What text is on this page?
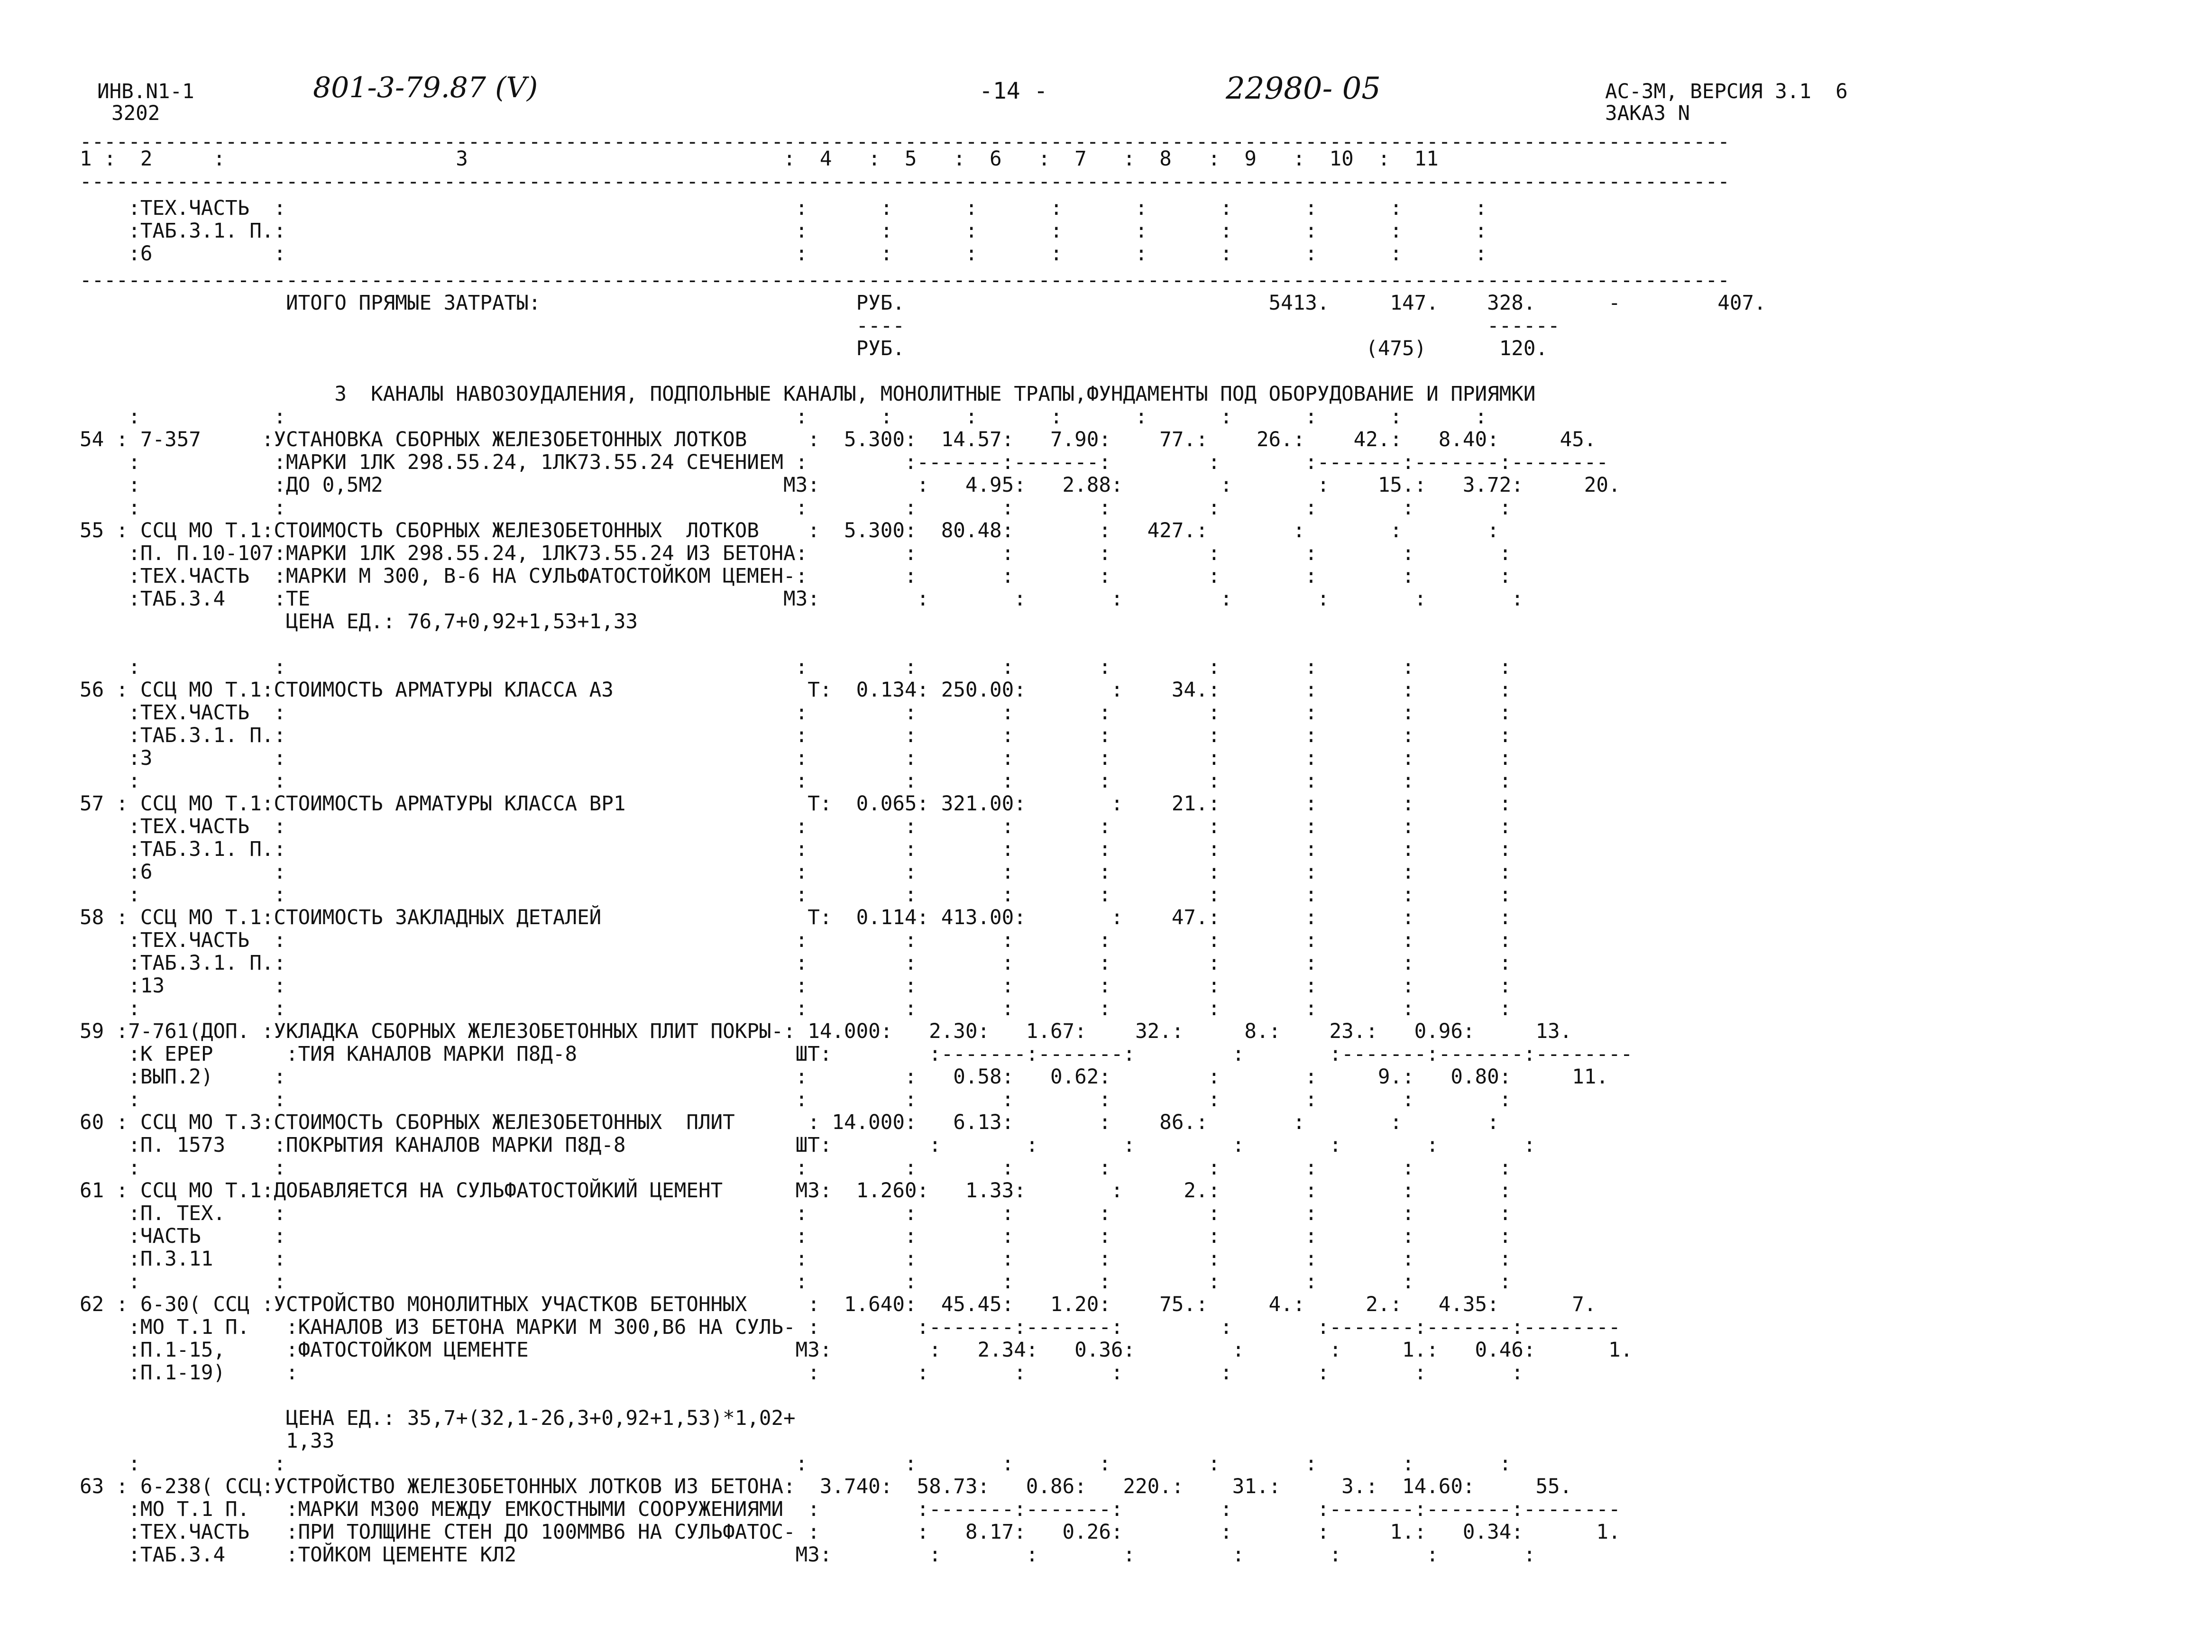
ИНВ.N1-1
3202
801-3-79.87 (V)	-14 -	22980- 05	АС-3М, ВЕРСИЯ 3.1  6
ЗАКАЗ N
----------------------------------------------------------------------------------------------------------------------------------------
1 :  2     :                   3                          :  4   :  5   :  6   :  7   :  8   :  9   :  10  :  11
----------------------------------------------------------------------------------------------------------------------------------------
:ТЕХ.ЧАСТЬ  :                                          :      :      :      :      :      :      :      :      :
:ТАБ.3.1. П.:                                          :      :      :      :      :      :      :      :      :
:6          :                                          :      :      :      :      :      :      :      :      :
----------------------------------------------------------------------------------------------------------------------------------------
ИТОГО ПРЯМЫЕ ЗАТРАТЫ:                          РУБ.                              5413.     147.    328.      -        407.
----                                                ------
РУБ.                                      (475)      120.
3  КАНАЛЫ НАВОЗОУДАЛЕНИЯ, ПОДПОЛЬНЫЕ КАНАЛЫ, МОНОЛИТНЫЕ ТРАПЫ,ФУНДАМЕНТЫ ПОД ОБОРУДОВАНИЕ И ПРИЯМКИ
:           :                                          :      :      :      :      :      :      :      :      :
54 : 7-357     :УСТАНОВКА СБОРНЫХ ЖЕЛЕЗОБЕТОННЫХ ЛОТКОВ     :  5.300:  14.57:   7.90:    77.:    26.:    42.:   8.40:     45.
:           :МАРКИ 1ЛК 298.55.24, 1ЛК73.55.24 СЕЧЕНИЕМ :        :-------:-------:        :       :-------:-------:--------
:           :ДО 0,5М2                                 М3:        :   4.95:   2.88:        :       :    15.:   3.72:     20.
:           :                                          :        :       :       :        :       :       :       :
55 : ССЦ МО Т.1:СТОИМОСТЬ СБОРНЫХ ЖЕЛЕЗОБЕТОННЫХ  ЛОТКОВ    :  5.300:  80.48:       :   427.:       :       :       :
:П. П.10-107:МАРКИ 1ЛК 298.55.24, 1ЛК73.55.24 ИЗ БЕТОНА:        :       :       :        :       :       :       :
:ТЕХ.ЧАСТЬ  :МАРКИ М 300, В-6 НА СУЛЬФАТОСТОЙКОМ ЦЕМЕН-:        :       :       :        :       :       :       :
:ТАБ.3.4    :ТЕ                                       М3:        :       :       :        :       :       :       :
ЦЕНА ЕД.: 76,7+0,92+1,53+1,33
:           :                                          :        :       :       :        :       :       :       :
56 : ССЦ МО Т.1:СТОИМОСТЬ АРМАТУРЫ КЛАССА А3                Т:  0.134: 250.00:       :    34.:       :       :       :
:ТЕХ.ЧАСТЬ  :                                          :        :       :       :        :       :       :       :
:ТАБ.3.1. П.:                                          :        :       :       :        :       :       :       :
:3          :                                          :        :       :       :        :       :       :       :
:           :                                          :        :       :       :        :       :       :       :
57 : ССЦ МО Т.1:СТОИМОСТЬ АРМАТУРЫ КЛАССА ВР1               Т:  0.065: 321.00:       :    21.:       :       :       :
:ТЕХ.ЧАСТЬ  :                                          :        :       :       :        :       :       :       :
:ТАБ.3.1. П.:                                          :        :       :       :        :       :       :       :
:6          :                                          :        :       :       :        :       :       :       :
:           :                                          :        :       :       :        :       :       :       :
58 : ССЦ МО Т.1:СТОИМОСТЬ ЗАКЛАДНЫХ ДЕТАЛЕЙ                 Т:  0.114: 413.00:       :    47.:       :       :       :
:ТЕХ.ЧАСТЬ  :                                          :        :       :       :        :       :       :       :
:ТАБ.3.1. П.:                                          :        :       :       :        :       :       :       :
:13         :                                          :        :       :       :        :       :       :       :
:           :                                          :        :       :       :        :       :       :       :
59 :7-761(ДОП. :УКЛАДКА СБОРНЫХ ЖЕЛЕЗОБЕТОННЫХ ПЛИТ ПОКРЫ-: 14.000:   2.30:   1.67:    32.:     8.:    23.:   0.96:     13.
:К ЕРЕР      :ТИЯ КАНАЛОВ МАРКИ П8Д-8                  ШТ:        :-------:-------:        :       :-------:-------:--------
:ВЫП.2)     :                                          :        :   0.58:   0.62:        :       :     9.:   0.80:     11.
:           :                                          :        :       :       :        :       :       :       :
60 : ССЦ МО Т.3:СТОИМОСТЬ СБОРНЫХ ЖЕЛЕЗОБЕТОННЫХ  ПЛИТ      : 14.000:   6.13:       :    86.:       :       :       :
:П. 1573    :ПОКРЫТИЯ КАНАЛОВ МАРКИ П8Д-8              ШТ:        :       :       :        :       :       :       :
:           :                                          :        :       :       :        :       :       :       :
61 : ССЦ МО Т.1:ДОБАВЛЯЕТСЯ НА СУЛЬФАТОСТОЙКИЙ ЦЕМЕНТ      М3:  1.260:   1.33:       :     2.:       :       :       :
:П. ТЕХ.    :                                          :        :       :       :        :       :       :       :
:ЧАСТЬ      :                                          :        :       :       :        :       :       :       :
:П.3.11     :                                          :        :       :       :        :       :       :       :
:           :                                          :        :       :       :        :       :       :       :
62 : 6-30( ССЦ :УСТРОЙСТВО МОНОЛИТНЫХ УЧАСТКОВ БЕТОННЫХ     :  1.640:  45.45:   1.20:    75.:     4.:     2.:   4.35:      7.
:МО Т.1 П.   :КАНАЛОВ ИЗ БЕТОНА МАРКИ М 300,В6 НА СУЛЬ- :        :-------:-------:        :       :-------:-------:--------
:П.1-15,     :ФАТОСТОЙКОМ ЦЕМЕНТЕ                      М3:        :   2.34:   0.36:        :       :     1.:   0.46:      1.
:П.1-19)     :                                          :        :       :       :        :       :       :       :
ЦЕНА ЕД.: 35,7+(32,1-26,3+0,92+1,53)*1,02+
1,33
:           :                                          :        :       :       :        :       :       :       :
63 : 6-238( ССЦ:УСТРОЙСТВО ЖЕЛЕЗОБЕТОННЫХ ЛОТКОВ ИЗ БЕТОНА:  3.740:  58.73:   0.86:   220.:    31.:     3.:  14.60:     55.
:МО Т.1 П.   :МАРКИ М300 МЕЖДУ ЕМКОСТНЫМИ СООРУЖЕНИЯМИ  :        :-------:-------:        :       :-------:-------:--------
:ТЕХ.ЧАСТЬ   :ПРИ ТОЛЩИНЕ СТЕН ДО 100ММВ6 НА СУЛЬФАТОС- :        :   8.17:   0.26:        :       :     1.:   0.34:      1.
:ТАБ.3.4     :ТОЙКОМ ЦЕМЕНТЕ КЛ2                       М3:        :       :       :        :       :       :       :
